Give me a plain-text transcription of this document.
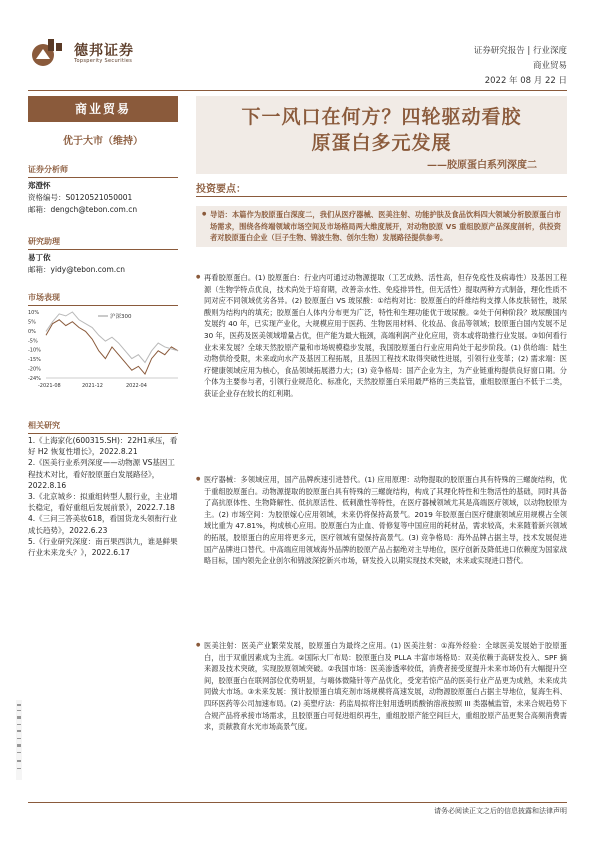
德邦证券
Topsperity Securities
证券研究报告 | 行业深度
商业贸易
2022 年 08 月 22 日
商业贸易
优于大市（维持）
证券分析师
郑澄怀
资格编号：S0120521050001
邮箱：dengch@tebon.com.cn
研究助理
易丁依
邮箱：yidy@tebon.com.cn
市场表现
10%
5%
0%
-5%
-10%
-15%
-20%
-24%
-2021-08	2021-12	2022-04
沪深300
相关研究
1.《上海家化(600315.SH)：22H1承压，看好 H2 恢复性增长》，2022.8.21
2.《医美行业系列深度——动物源 VS基因工程技术对比，看好胶原蛋白发展路径》，2022.8.16
3.《北京城乡：拟重组转型人服行业，主业增长稳定，看好重组后发展前景》，2022.7.18
4.《三问三答美妆618，看国货龙头领衔行业成长趋势》，2022.6.23
5.《行业研究深度：南百果西洪九，谁是鲜果行业未来龙头？》，2022.6.17
下一风口在何方？四轮驱动看胶
原蛋白多元发展
——胶原蛋白系列深度二
投资要点：

● 导语：本篇作为胶原蛋白深度二，我们从医疗器械、医美注射、功能护肤及食品饮料四大领域分析胶原蛋白市场需求，围绕各终端领域市场空间及市场格局两大维度展开，对动物胶原 VS 重组胶原产品深度剖析，供投资者对胶原蛋白企业（巨子生物、锦波生物、创尔生物）发展路径提供参考。

● 再看胶原蛋白。(1) 胶原蛋白：行业内可通过动物源提取（工艺成熟、活性高，但存免疫性及病毒性）及基因工程源（生物学特点优良，技术尚处于培育期，改善亲水性、免疫排异性，但无活性）提取两种方式制备，理化性质不同对应不同领域优劣各异。(2) 胶原蛋白 VS 玻尿酸：①结构对比：胶原蛋白的纤维结构支撑人体皮肤韧性，玻尿酸则为结构内的填充；胶原蛋白人体内分布更为广泛，特性和生理功能优于玻尿酸。②处于何种阶段？玻尿酸国内发展约 40 年，已实现产业化，大规模应用于医药、生物医用材料、化妆品、食品等领域；胶原蛋白国内发展不足 30 年，医药及医美领域增量占优，但产能为最大瓶颈，高端利润产业化应用，资本或将助推行业发展。③如何看行业未来发展？全球天然胶原产量和市场规模稳步发展，我国胶原蛋白行业应用尚处于起步阶段。(1) 供给端：陆生动物供给受限，未来或向水产及基因工程拓展，且基因工程技术取得突破性进展，引领行业变革；(2) 需求端：医疗健康领域应用为核心，食品领域拓展潜力大；(3) 竞争格局：国产企业为主，为产业链重构提供良好窗口期。分个体为主要参与者，引领行业规范化、标准化，天然胶原蛋白采用最严格的三类监管，重组胶原蛋白不低于二类，获证企业存在较长的红利期。

● 医疗器械：多领域应用，国产品牌疾速引进替代。(1) 应用原理：动物提取的胶原蛋白具有特殊的三螺旋结构，优于重组胶原蛋白。动物源提取的胶原蛋白具有特殊的三螺旋结构，构成了其理化特性和生物活性的基础，同时具备了高抗原体性、生物降解性、低抗原活性、低刺激性等特性，在医疗器械领域尤其是高端医疗领域，以动物胶原为主。(2) 市场空间：为胶原嫁心应用领域，未来仍将保持高景气。2019 年胶原蛋白医疗健康领域应用规模占全领域比重为 47.81%，构成核心应用。胶原蛋白为止血、骨修复等中国应用的耗材品，需求较高，未来随着新兴领域的拓展，胶原蛋白的应用将更多元，医疗领域有望保持高景气。(3) 竞争格局：海外品牌占据主导，技术发展促进国产品牌进口替代。中高端应用领域海外品牌的胶原产品占据绝对主导地位，医疗创新及降低进口依赖度为国家战略目标，国内领先企业创尔和锦波深挖新兴市场，研发投入以期实现技术突破，未来或实现进口替代。

● 医美注射：医美产业繁荣发展，胶原蛋白为最终之应用。(1) 医美注射：①海外经验：全球医美发展始于胶原蛋白，出于双重因素成为主流。②国际大厂布局：胶原蛋白及 PLLA 丰富市场格局：双美依赖于高研发投入、SPF 摘来源及技术突破，实现胶原领域突破。②我国市场：医美渗透率较低，消费者接受度提升未来市场仍有大幅提升空间，胶原蛋白在联网部位优势明显，与嗨体微隆针等产品优化，受宠若惊产品的医美行业产品更为成熟，未来成共同做大市场。③未来发展：预计胶原蛋白填充剂市场规模将高速发展，动物源胶原蛋白占据主导地位，复海生科、四环医药等公司加速布局。(2) 美塑疗法：药监局拟将注射用透明质酸钠溶液按照 III 类器械监管，未来合规趋势下合规产品将承接市场需求，且胶原蛋白可促进组织再生，重组胶原产能空间巨大，重组胶原产品更契合高频消费需求，贡献教育水光市场高景气度。

请务必阅读正文之后的信息披露和法律声明
